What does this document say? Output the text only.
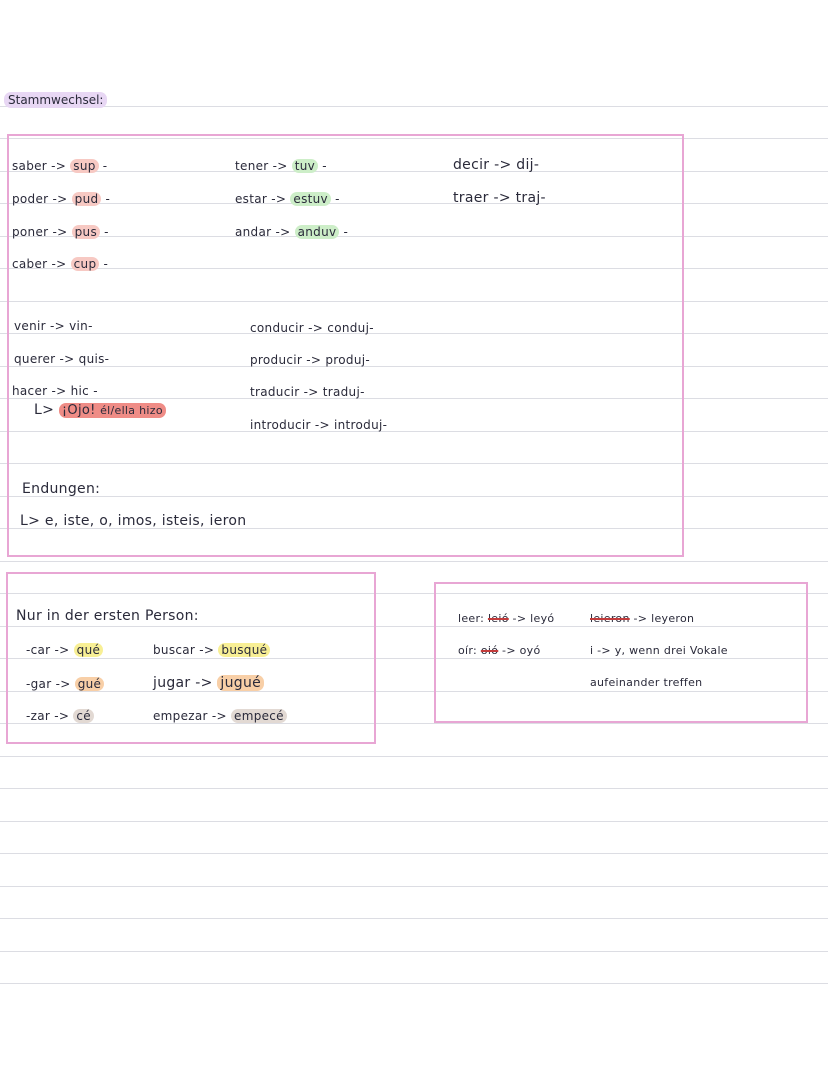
Stammwechsel:
saber -> sup -
poder -> pud -
poner -> pus -
caber -> cup -
tener -> tuv -
estar -> estuv -
andar -> anduv -
decir -> dij-
traer -> traj-
venir -> vin-
querer -> quis-
hacer -> hic -
L> ¡Ojo! él/ella hizo
conducir -> conduj-
producir -> produj-
traducir -> traduj-
introducir -> introduj-
Endungen:
L> e, iste, o, imos, isteis, ieron
Nur in der ersten Person:
-car -> qué
-gar -> gué
-zar -> cé
buscar -> busqué
jugar -> jugué
empezar -> empecé
leer: leió -> leyó
oír: oió -> oyó
leieron -> leyeron
i -> y, wenn drei Vokale
aufeinander treffen
